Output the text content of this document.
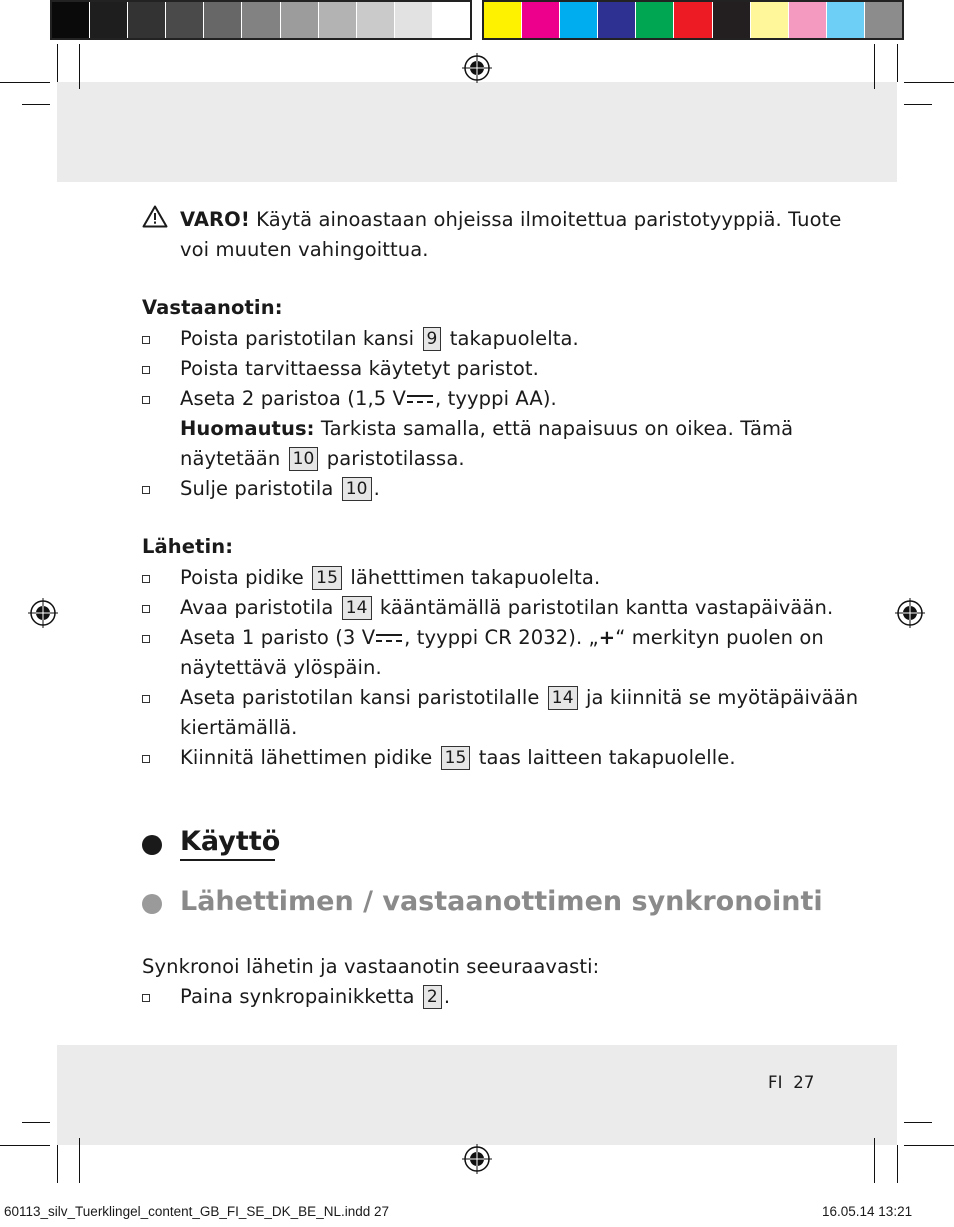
VARO! Käytä ainoastaan ohjeissa ilmoitettua paristotyyppiä. Tuote
voi muuten vahingoittua.
Vastaanotin:
Poista paristotilan kansi 9 takapuolelta.
Poista tarvittaessa käytetyt paristot.
Aseta 2 paristoa (1,5 V , tyyppi AA).
Huomautus: Tarkista samalla, että napaisuus on oikea. Tämä
näytetään 10 paristotilassa.
Sulje paristotila 10 .
Lähetin:
Poista pidike 15 lähetttimen takapuolelta.
Avaa paristotila 14 kääntämällä paristotilan kantta vastapäivään.
Aseta 1 paristo (3 V , tyyppi CR 2032). „+“ merkityn puolen on
näytettävä ylöspäin.
Aseta paristotilan kansi paristotilalle 14 ja kiinnitä se myötäpäivään
kiertämällä.
Kiinnitä lähettimen pidike 15 taas laitteen takapuolelle.
Käyttö
Lähettimen / vastaanottimen synkronointi
Synkronoi lähetin ja vastaanotin seeuraavasti:
Paina synkropainikketta 2 .
FI 27
60113_silv_Tuerklingel_content_GB_FI_SE_DK_BE_NL.indd 27	16.05.14 13:21
